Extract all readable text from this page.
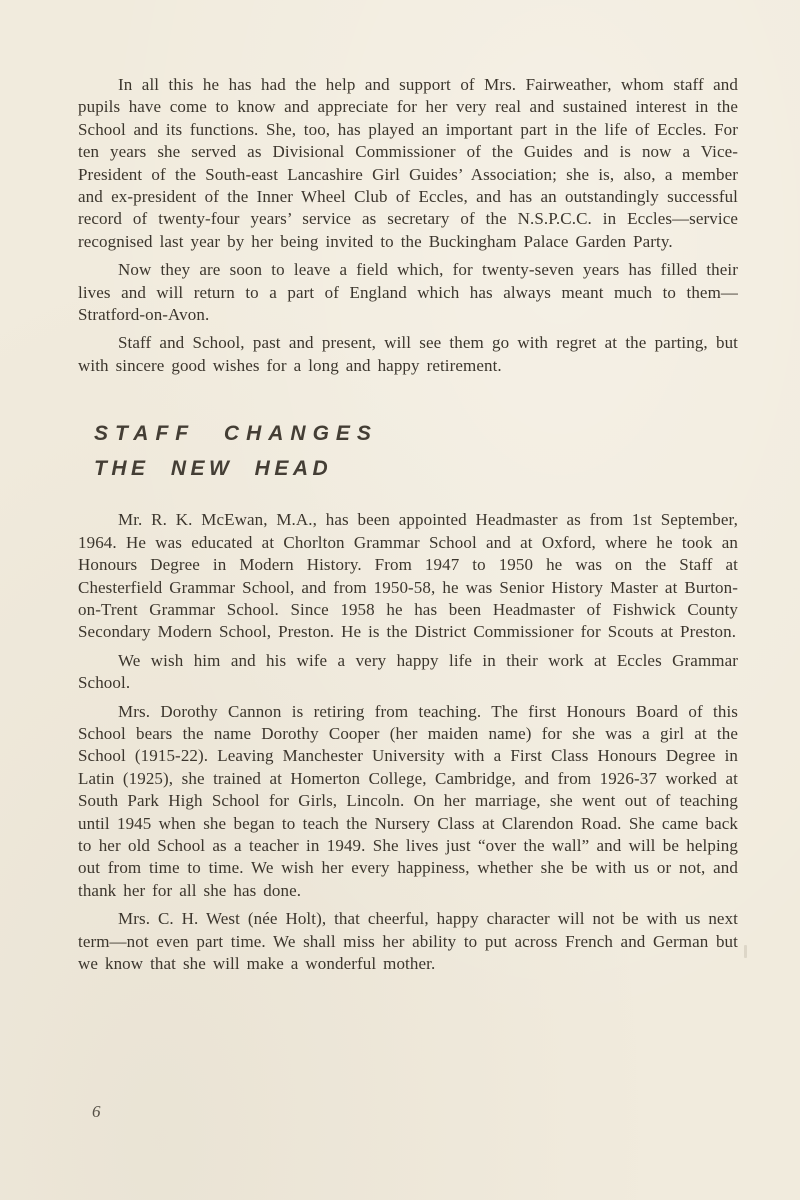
In all this he has had the help and support of Mrs. Fairweather, whom staff and pupils have come to know and appreciate for her very real and sustained interest in the School and its functions. She, too, has played an important part in the life of Eccles. For ten years she served as Divisional Commissioner of the Guides and is now a Vice-President of the South-east Lancashire Girl Guides’ Association; she is, also, a member and ex-president of the Inner Wheel Club of Eccles, and has an outstandingly successful record of twenty-four years’ service as secretary of the N.S.P.C.C. in Eccles—service recognised last year by her being invited to the Buckingham Palace Garden Party.

Now they are soon to leave a field which, for twenty-seven years has filled their lives and will return to a part of England which has always meant much to them—Stratford-on-Avon.

Staff and School, past and present, will see them go with regret at the parting, but with sincere good wishes for a long and happy retirement.

STAFF CHANGES
THE NEW HEAD

Mr. R. K. McEwan, M.A., has been appointed Headmaster as from 1st September, 1964. He was educated at Chorlton Grammar School and at Oxford, where he took an Honours Degree in Modern History. From 1947 to 1950 he was on the Staff at Chesterfield Grammar School, and from 1950-58, he was Senior History Master at Burton-on-Trent Grammar School. Since 1958 he has been Headmaster of Fishwick County Secondary Modern School, Preston. He is the District Commissioner for Scouts at Preston.

We wish him and his wife a very happy life in their work at Eccles Grammar School.

Mrs. Dorothy Cannon is retiring from teaching. The first Honours Board of this School bears the name Dorothy Cooper (her maiden name) for she was a girl at the School (1915-22). Leaving Manchester University with a First Class Honours Degree in Latin (1925), she trained at Homerton College, Cambridge, and from 1926-37 worked at South Park High School for Girls, Lincoln. On her marriage, she went out of teaching until 1945 when she began to teach the Nursery Class at Clarendon Road. She came back to her old School as a teacher in 1949. She lives just “over the wall” and will be helping out from time to time. We wish her every happiness, whether she be with us or not, and thank her for all she has done.

Mrs. C. H. West (née Holt), that cheerful, happy character will not be with us next term—not even part time. We shall miss her ability to put across French and German but we know that she will make a wonderful mother.

6
